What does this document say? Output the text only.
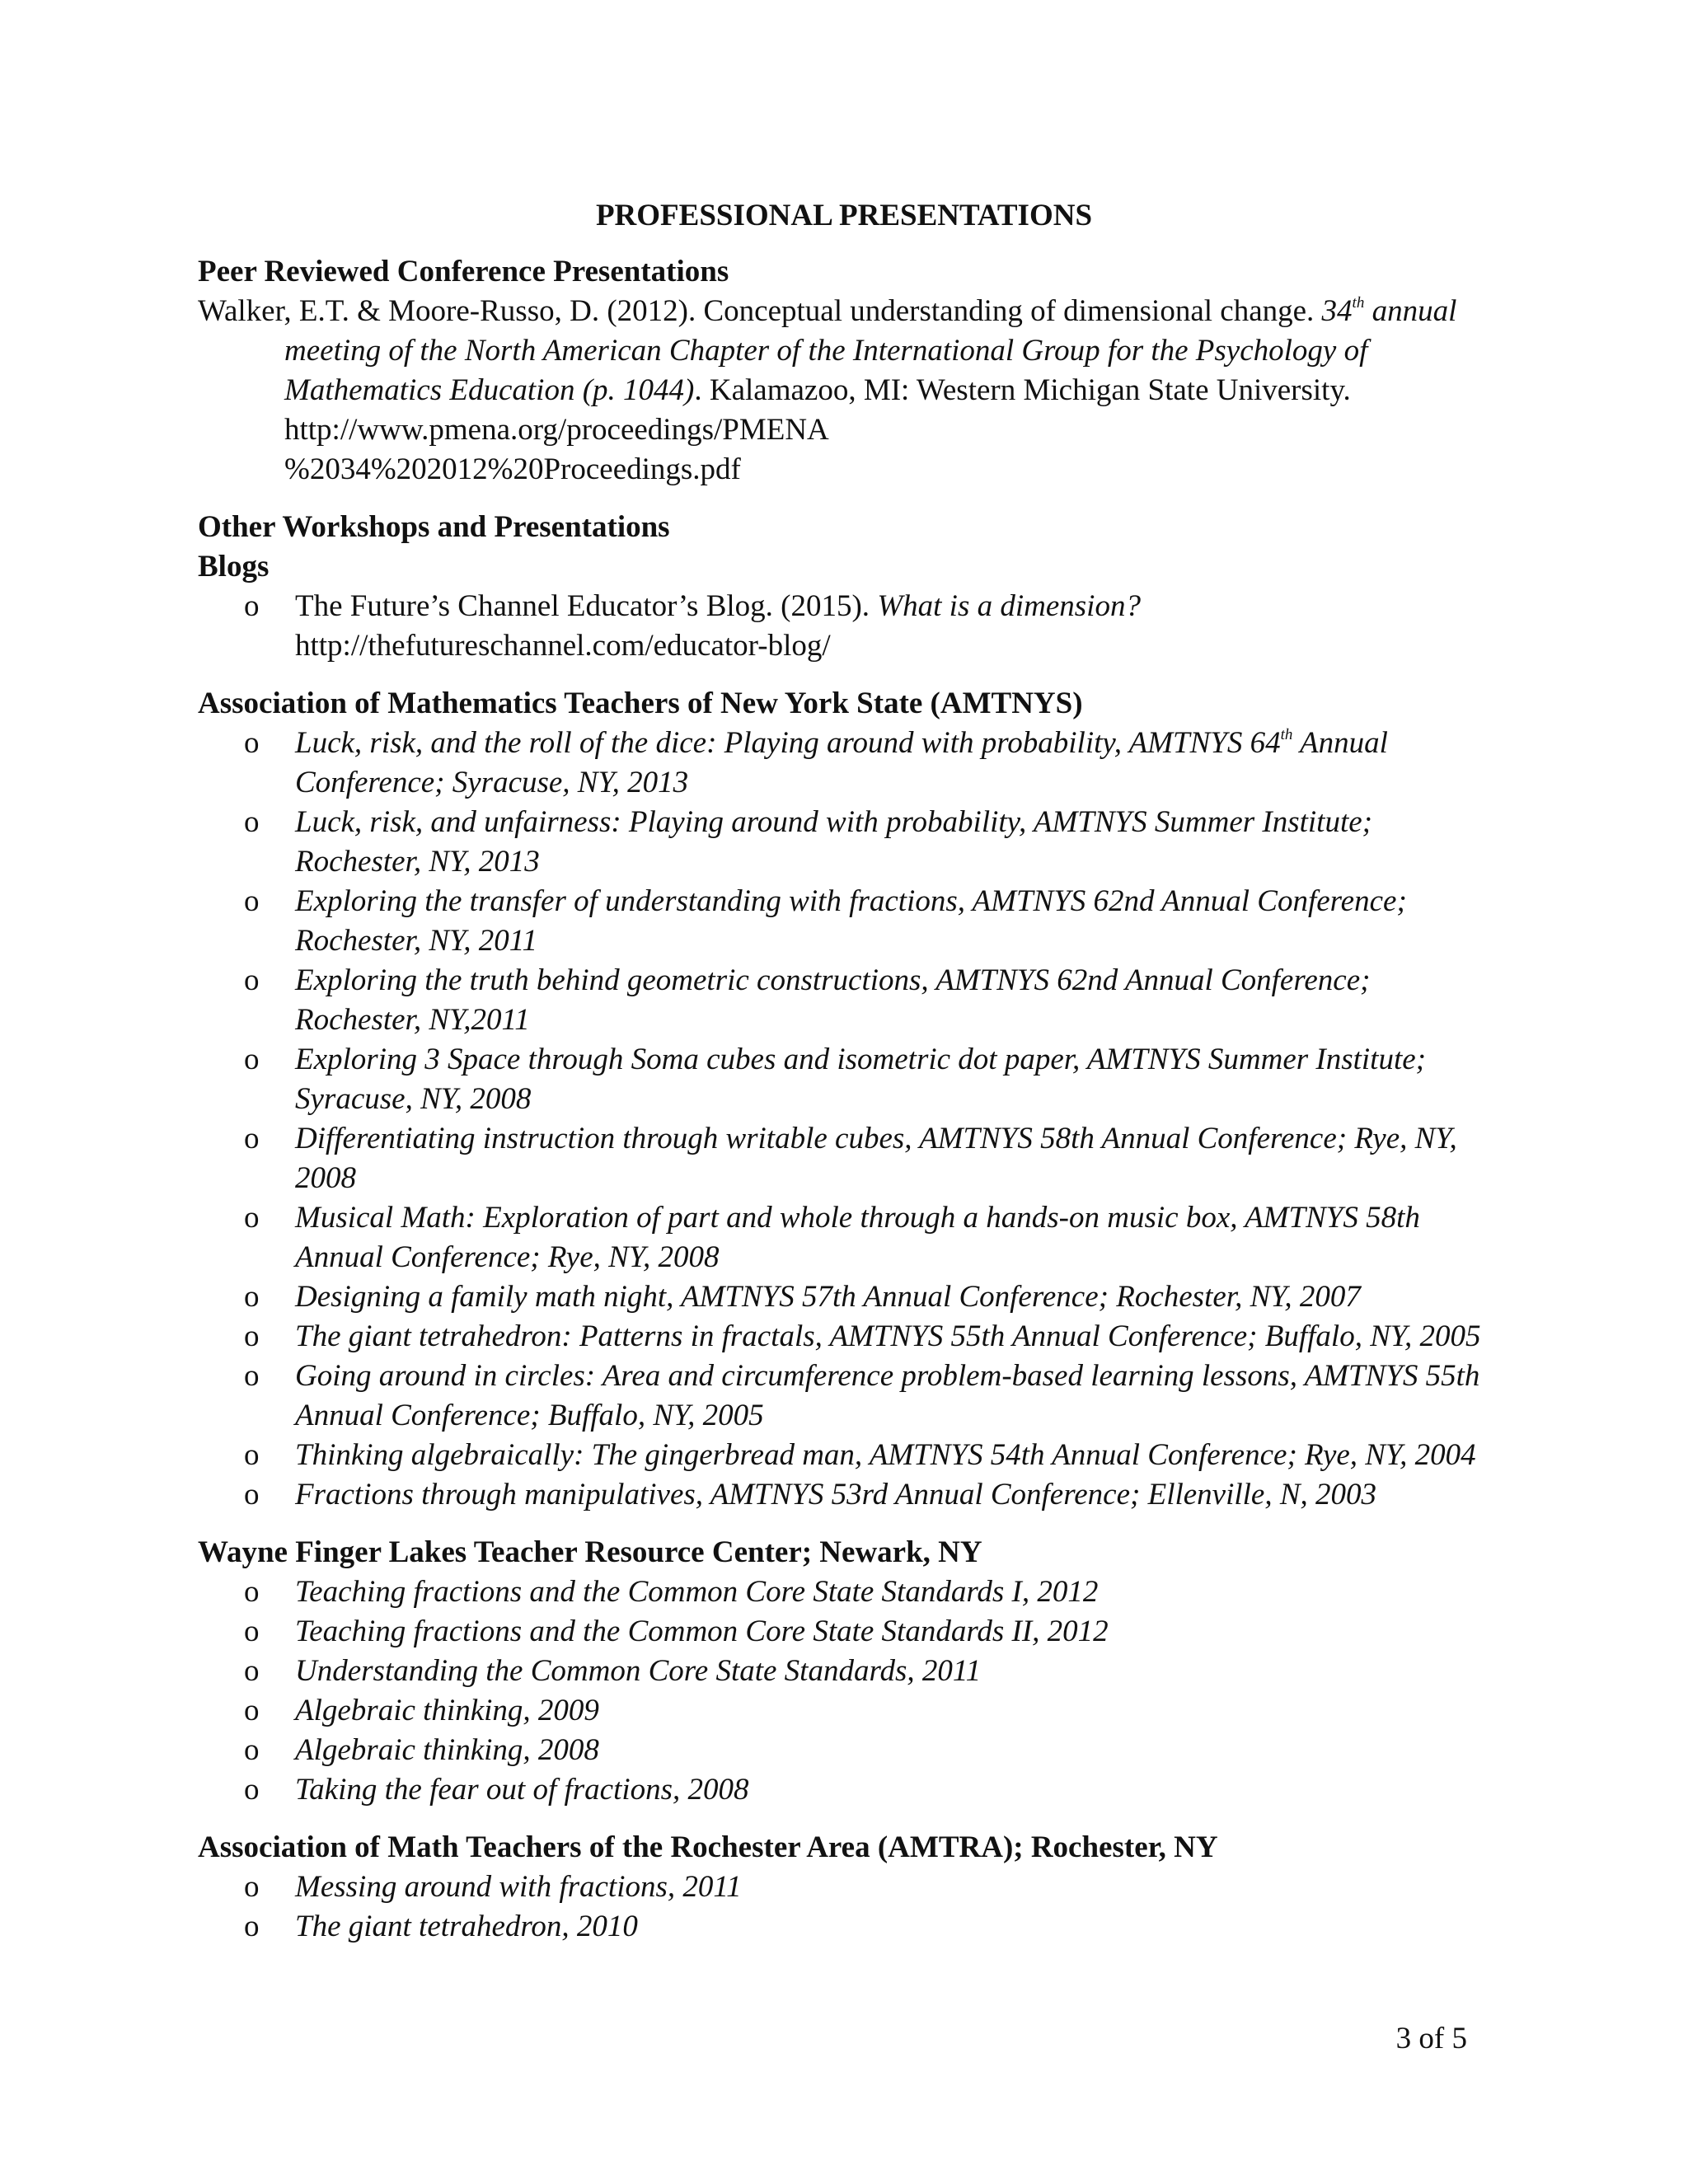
PROFESSIONAL PRESENTATIONS
Peer Reviewed Conference Presentations
Walker, E.T. & Moore-Russo, D. (2012). Conceptual understanding of dimensional change. 34th annual meeting of the North American Chapter of the International Group for the Psychology of Mathematics Education (p. 1044). Kalamazoo, MI: Western Michigan State University. http://www.pmena.org/proceedings/PMENA
%2034%202012%20Proceedings.pdf
Other Workshops and Presentations
Blogs
o The Future’s Channel Educator’s Blog. (2015). What is a dimension?
http://thefutureschannel.com/educator-blog/
Association of Mathematics Teachers of New York State (AMTNYS)
o Luck, risk, and the roll of the dice: Playing around with probability, AMTNYS 64th Annual Conference; Syracuse, NY, 2013
o Luck, risk, and unfairness: Playing around with probability, AMTNYS Summer Institute; Rochester, NY, 2013
o Exploring the transfer of understanding with fractions, AMTNYS 62nd Annual Conference; Rochester, NY, 2011
o Exploring the truth behind geometric constructions, AMTNYS 62nd Annual Conference; Rochester, NY,2011
o Exploring 3 Space through Soma cubes and isometric dot paper, AMTNYS Summer Institute; Syracuse, NY, 2008
o Differentiating instruction through writable cubes, AMTNYS 58th Annual Conference; Rye, NY, 2008
o Musical Math: Exploration of part and whole through a hands-on music box, AMTNYS 58th Annual Conference; Rye, NY, 2008
o Designing a family math night, AMTNYS 57th Annual Conference; Rochester, NY, 2007
o The giant tetrahedron: Patterns in fractals, AMTNYS 55th Annual Conference; Buffalo, NY, 2005
o Going around in circles: Area and circumference problem-based learning lessons, AMTNYS 55th Annual Conference; Buffalo, NY, 2005
o Thinking algebraically: The gingerbread man, AMTNYS 54th Annual Conference; Rye, NY, 2004
o Fractions through manipulatives, AMTNYS 53rd Annual Conference; Ellenville, N, 2003
Wayne Finger Lakes Teacher Resource Center; Newark, NY
o Teaching fractions and the Common Core State Standards I, 2012
o Teaching fractions and the Common Core State Standards II, 2012
o Understanding the Common Core State Standards, 2011
o Algebraic thinking, 2009
o Algebraic thinking, 2008
o Taking the fear out of fractions, 2008
Association of Math Teachers of the Rochester Area (AMTRA); Rochester, NY
o Messing around with fractions, 2011
o The giant tetrahedron, 2010
3 of 5
